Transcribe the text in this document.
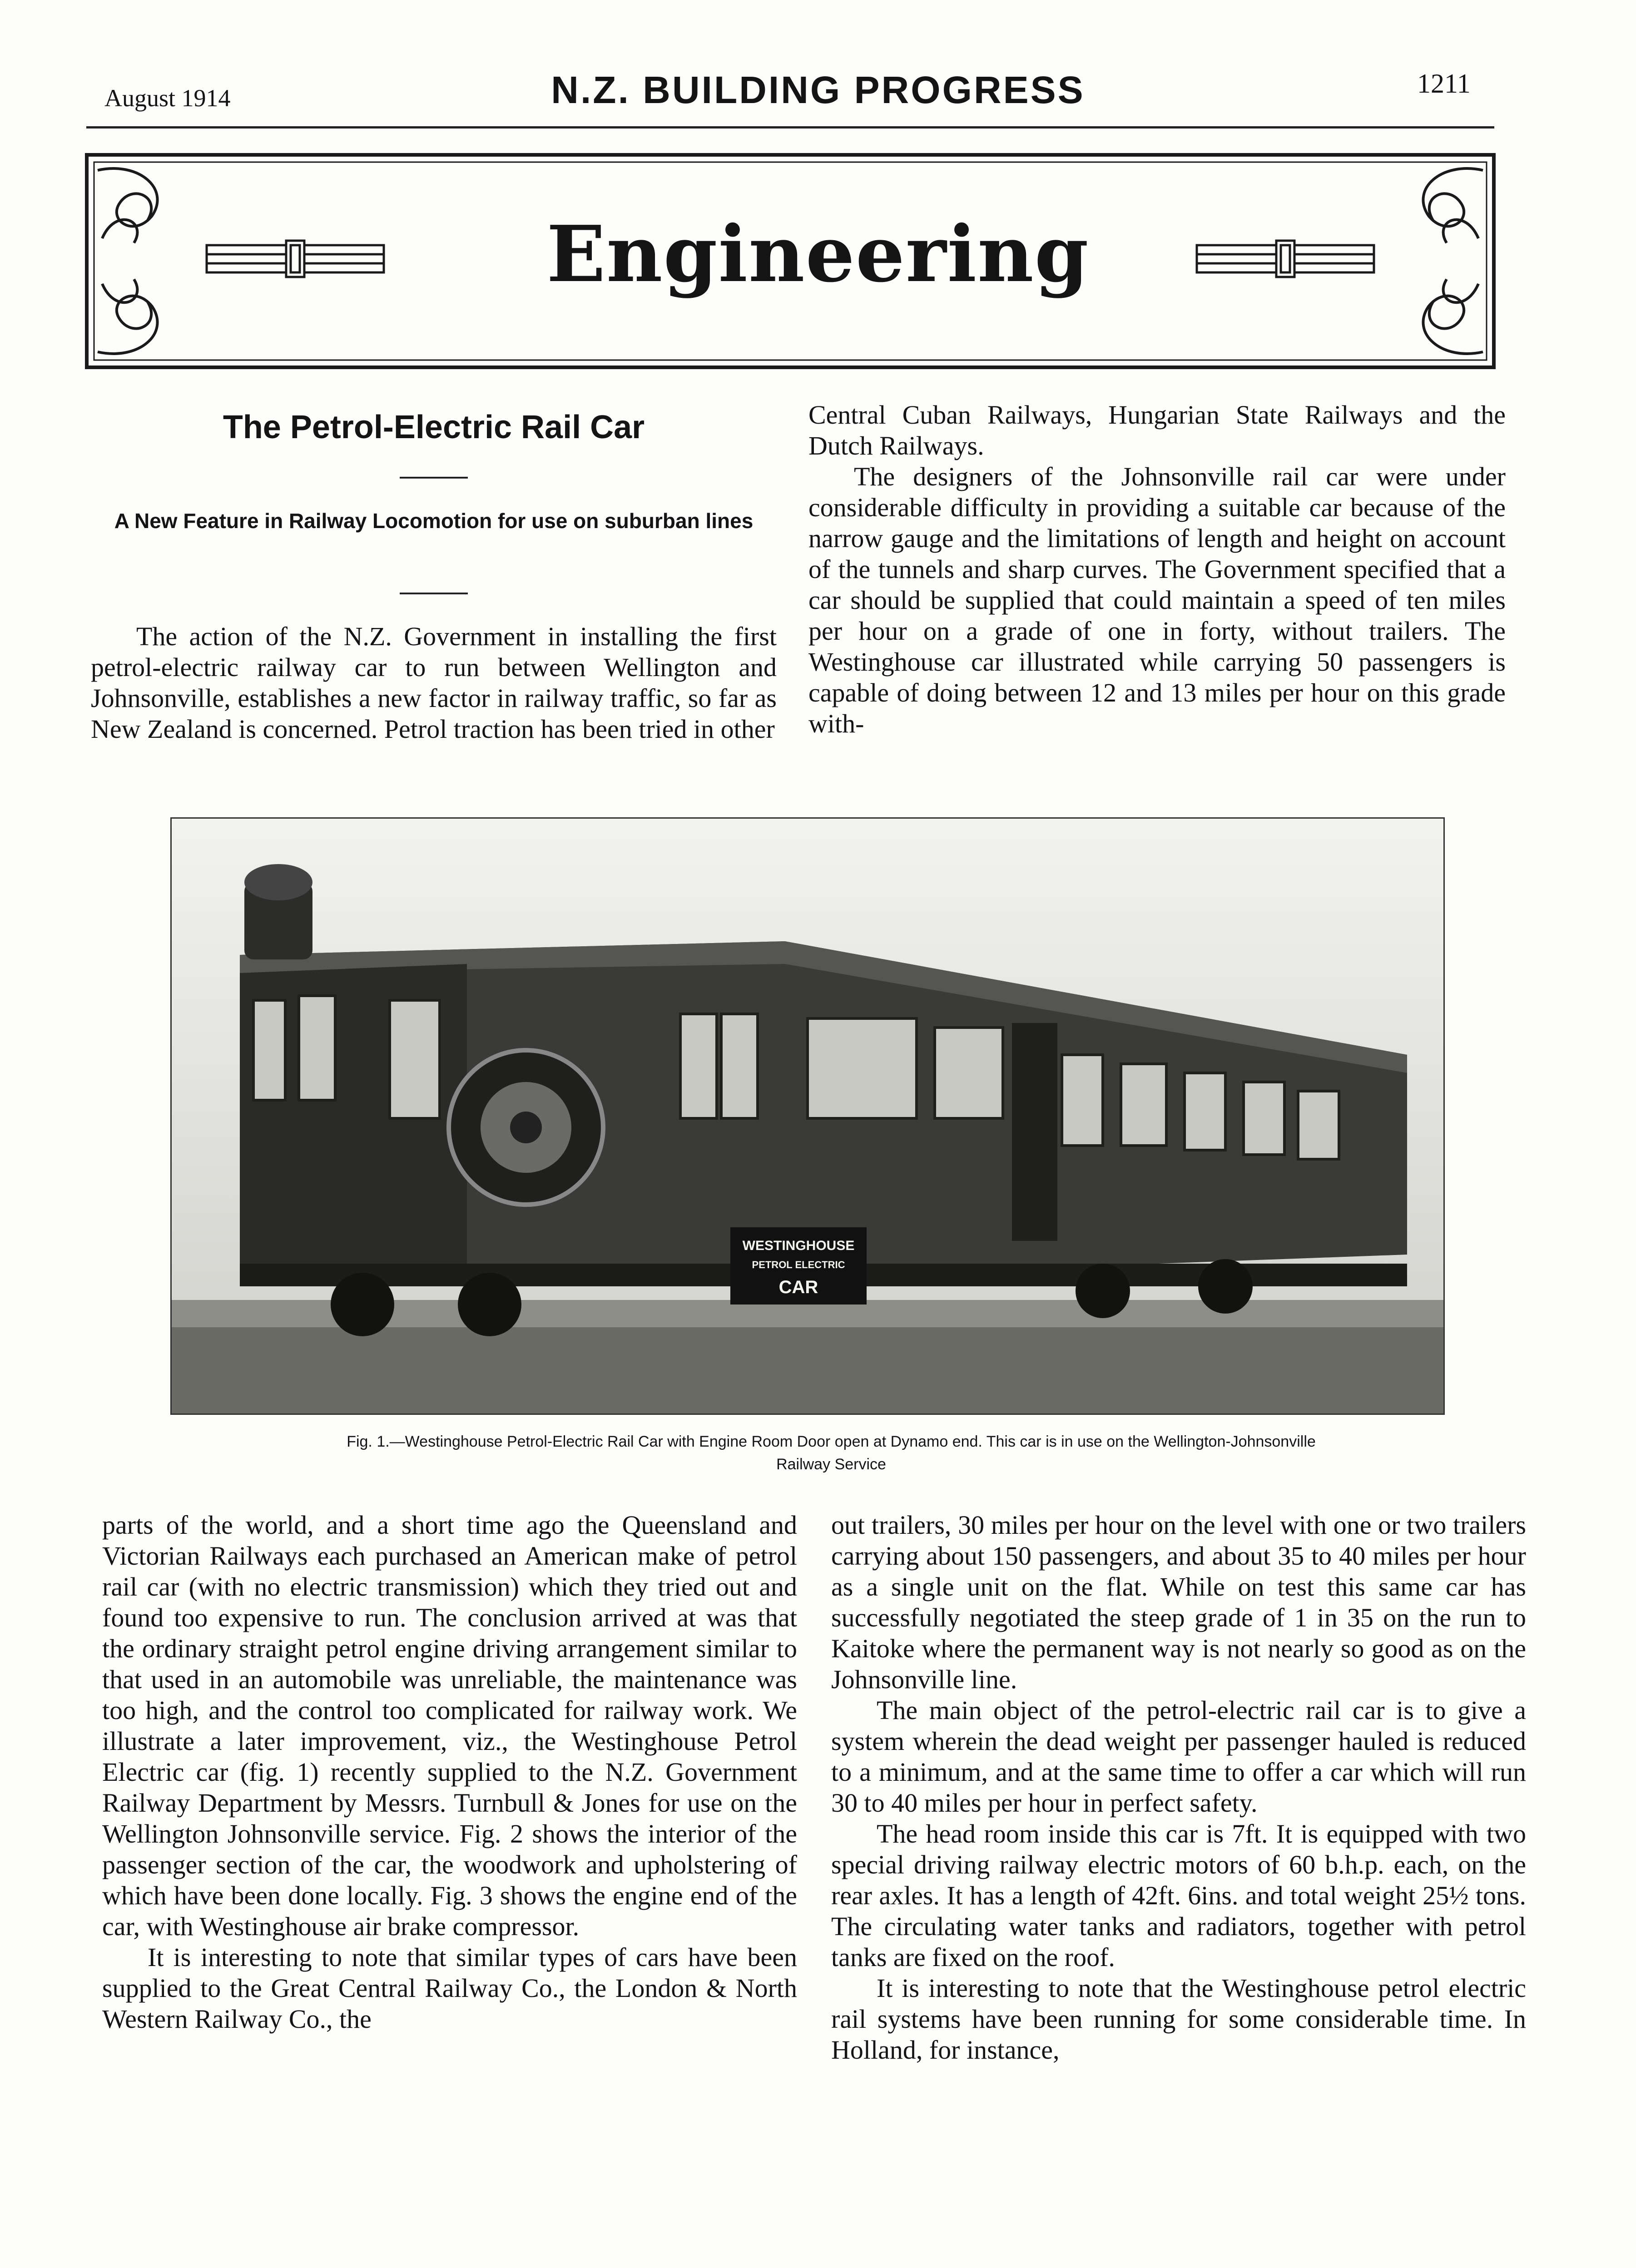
August 1914	N.Z. BUILDING PROGRESS	1211
Engineering
The Petrol-Electric Rail Car
A New Feature in Railway Locomotion for use on suburban lines

The action of the N.Z. Government in installing the first petrol-electric railway car to run between Wellington and Johnsonville, establishes a new factor in railway traffic, so far as New Zealand is concerned. Petrol traction has been tried in other

Central Cuban Railways, Hungarian State Railways and the Dutch Railways.

The designers of the Johnsonville rail car were under considerable difficulty in providing a suitable car because of the narrow gauge and the limitations of length and height on account of the tunnels and sharp curves. The Government specified that a car should be supplied that could maintain a speed of ten miles per hour on a grade of one in forty, without trailers. The Westinghouse car illustrated while carrying 50 passengers is capable of doing between 12 and 13 miles per hour on this grade with-

WESTINGHOUSE
PETROL ELECTRIC
CAR
Fig. 1.—Westinghouse Petrol-Electric Rail Car with Engine Room Door open at Dynamo end. This car is in use on the Wellington-Johnsonville
Railway Service

parts of the world, and a short time ago the Queensland and Victorian Railways each purchased an American make of petrol rail car (with no electric transmission) which they tried out and found too expensive to run. The conclusion arrived at was that the ordinary straight petrol engine driving arrangement similar to that used in an automobile was unreliable, the maintenance was too high, and the control too complicated for railway work. We illustrate a later improvement, viz., the Westinghouse Petrol Electric car (fig. 1) recently supplied to the N.Z. Government Railway Department by Messrs. Turnbull & Jones for use on the Wellington Johnsonville service. Fig. 2 shows the interior of the passenger section of the car, the woodwork and upholstering of which have been done locally. Fig. 3 shows the engine end of the car, with Westinghouse air brake compressor.

It is interesting to note that similar types of cars have been supplied to the Great Central Railway Co., the London & North Western Railway Co., the

out trailers, 30 miles per hour on the level with one or two trailers carrying about 150 passengers, and about 35 to 40 miles per hour as a single unit on the flat. While on test this same car has successfully negotiated the steep grade of 1 in 35 on the run to Kaitoke where the permanent way is not nearly so good as on the Johnsonville line.

The main object of the petrol-electric rail car is to give a system wherein the dead weight per passenger hauled is reduced to a minimum, and at the same time to offer a car which will run 30 to 40 miles per hour in perfect safety.

The head room inside this car is 7ft. It is equipped with two special driving railway electric motors of 60 b.h.p. each, on the rear axles. It has a length of 42ft. 6ins. and total weight 25½ tons. The circulating water tanks and radiators, together with petrol tanks are fixed on the roof.

It is interesting to note that the Westinghouse petrol electric rail systems have been running for some considerable time. In Holland, for instance,
